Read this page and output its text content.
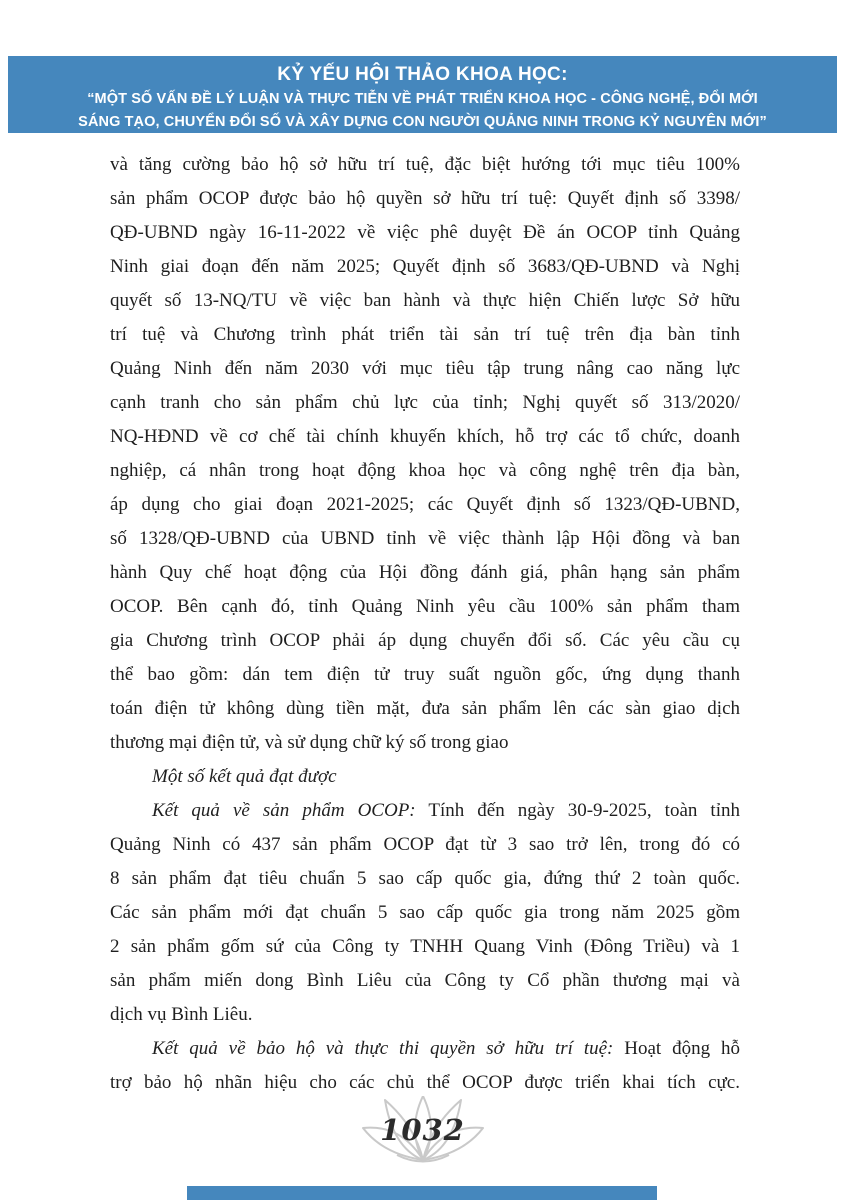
KỶ YẾU HỘI THẢO KHOA HỌC:
“MỘT SỐ VẤN ĐỀ LÝ LUẬN VÀ THỰC TIỄN VỀ PHÁT TRIỂN KHOA HỌC - CÔNG NGHỆ, ĐỔI MỚI
SÁNG TẠO, CHUYỂN ĐỔI SỐ VÀ XÂY DỰNG CON NGƯỜI QUẢNG NINH TRONG KỶ NGUYÊN MỚI”
và tăng cường bảo hộ sở hữu trí tuệ, đặc biệt hướng tới mục tiêu 100%
sản phẩm OCOP được bảo hộ quyền sở hữu trí tuệ: Quyết định số 3398/
QĐ-UBND ngày 16-11-2022 về việc phê duyệt Đề án OCOP tỉnh Quảng
Ninh giai đoạn đến năm 2025; Quyết định số 3683/QĐ-UBND và Nghị
quyết số 13-NQ/TU về việc ban hành và thực hiện Chiến lược Sở hữu
trí tuệ và Chương trình phát triển tài sản trí tuệ trên địa bàn tỉnh
Quảng Ninh đến năm 2030 với mục tiêu tập trung nâng cao năng lực
cạnh tranh cho sản phẩm chủ lực của tỉnh; Nghị quyết số 313/2020/
NQ-HĐND về cơ chế tài chính khuyến khích, hỗ trợ các tổ chức, doanh
nghiệp, cá nhân trong hoạt động khoa học và công nghệ trên địa bàn,
áp dụng cho giai đoạn 2021-2025; các Quyết định số 1323/QĐ-UBND,
số 1328/QĐ-UBND của UBND tỉnh về việc thành lập Hội đồng và ban
hành Quy chế hoạt động của Hội đồng đánh giá, phân hạng sản phẩm
OCOP. Bên cạnh đó, tỉnh Quảng Ninh yêu cầu 100% sản phẩm tham
gia Chương trình OCOP phải áp dụng chuyển đổi số. Các yêu cầu cụ
thể bao gồm: dán tem điện tử truy suất nguồn gốc, ứng dụng thanh
toán điện tử không dùng tiền mặt, đưa sản phẩm lên các sàn giao dịch
thương mại điện tử, và sử dụng chữ ký số trong giao
Một số kết quả đạt được
Kết quả về sản phẩm OCOP: Tính đến ngày 30-9-2025, toàn tỉnh
Quảng Ninh có 437 sản phẩm OCOP đạt từ 3 sao trở lên, trong đó có
8 sản phẩm đạt tiêu chuẩn 5 sao cấp quốc gia, đứng thứ 2 toàn quốc.
Các sản phẩm mới đạt chuẩn 5 sao cấp quốc gia trong năm 2025 gồm
2 sản phẩm gốm sứ của Công ty TNHH Quang Vinh (Đông Triều) và 1
sản phẩm miến dong Bình Liêu của Công ty Cổ phần thương mại và
dịch vụ Bình Liêu.
Kết quả về bảo hộ và thực thi quyền sở hữu trí tuệ: Hoạt động hỗ
trợ bảo hộ nhãn hiệu cho các chủ thể OCOP được triển khai tích cực.
1032
